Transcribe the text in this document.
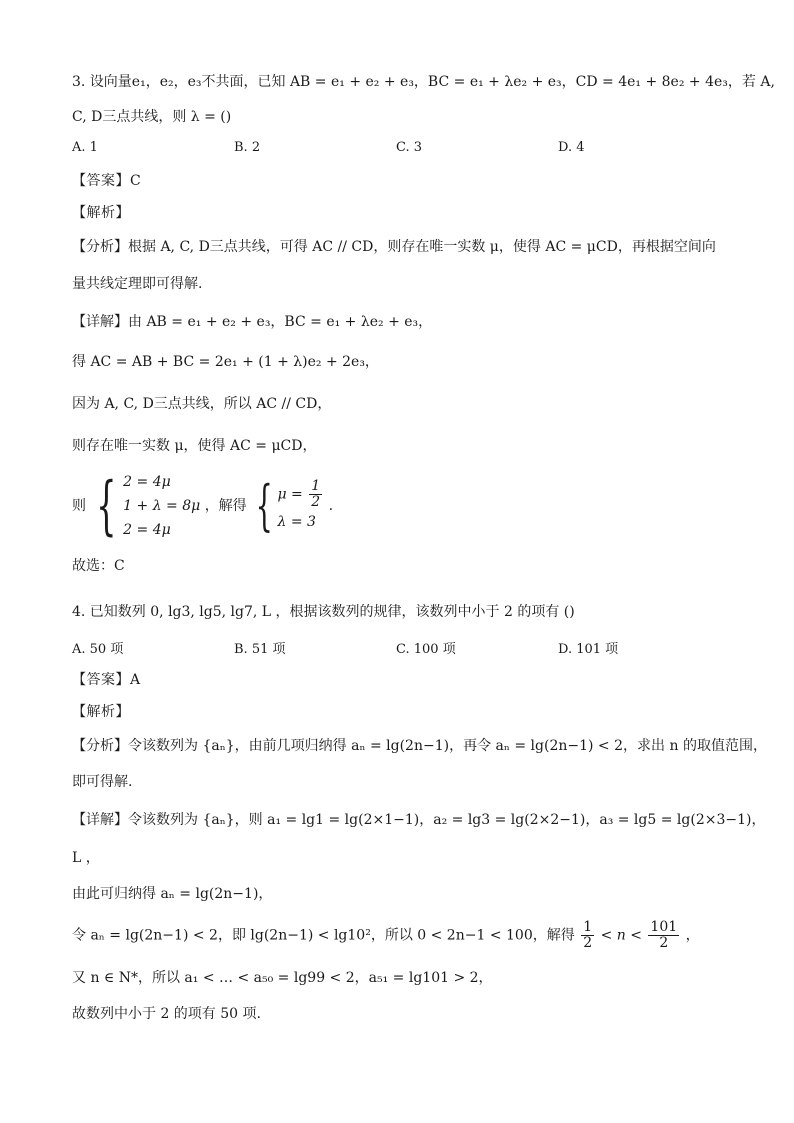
3. 设向量e₁，e₂，e₃不共面，已知 AB = e₁ + e₂ + e₃，BC = e₁ + λe₂ + e₃，CD = 4e₁ + 8e₂ + 4e₃，若 A,
C, D三点共线，则 λ = ()
A. 1	B. 2	C. 3	D. 4
【答案】C
【解析】
【分析】根据 A, C, D三点共线，可得 AC // CD，则存在唯一实数 μ，使得 AC = μCD，再根据空间向
量共线定理即可得解.
【详解】由 AB = e₁ + e₂ + e₃，BC = e₁ + λe₂ + e₃，
得 AC = AB + BC = 2e₁ + (1 + λ)e₂ + 2e₃，
因为 A, C, D三点共线，所以 AC // CD，
则存在唯一实数 μ，使得 AC = μCD，
则 { 2 = 4μ
1 + λ = 8μ
2 = 4μ
，解得 { $\mu = \frac{1}{2}$
λ = 3
.
故选：C
4. 已知数列 0, lg3, lg5, lg7, L ，根据该数列的规律，该数列中小于 2 的项有 ()
A. 50 项	B. 51 项	C. 100 项	D. 101 项
【答案】A
【解析】
【分析】令该数列为 {aₙ}，由前几项归纳得 aₙ = lg(2n−1)，再令 aₙ = lg(2n−1) < 2，求出 n 的取值范围，
即可得解.
【详解】令该数列为 {aₙ}，则 a₁ = lg1 = lg(2×1−1)，a₂ = lg3 = lg(2×2−1)，a₃ = lg5 = lg(2×3−1)，
L ，
由此可归纳得 aₙ = lg(2n−1)，
令 aₙ = lg(2n−1) < 2，即 lg(2n−1) < lg10²，所以 0 < 2n−1 < 100，解得 $\frac{1}{2} < n < \frac{101}{2}$ ，
又 n ∈ N*，所以 a₁ < … < a₅₀ = lg99 < 2，a₅₁ = lg101 > 2，
故数列中小于 2 的项有 50 项.
